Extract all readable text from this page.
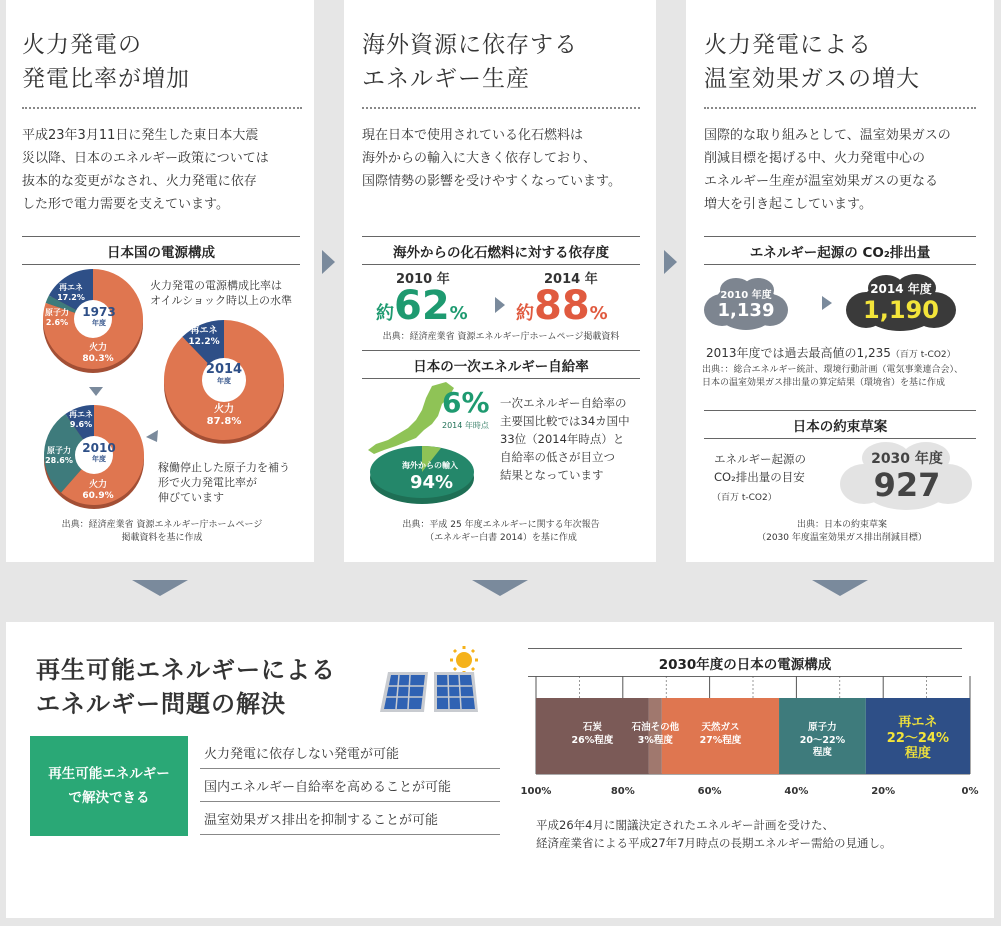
火力発電の
発電比率が増加
平成23年3月11日に発生した東日本大震
災以降、日本のエネルギー政策については
抜本的な変更がなされ、火力発電に依存
した形で電力需要を支えています。
日本国の電源構成
1973
年度
再エネ
17.2%
原子力
2.6%
火力
80.3%
2010
年度
再エネ
9.6%
原子力
28.6%
火力
60.9%
2014
年度
再エネ
12.2%
火力
87.8%
火力発電の電源構成比率は
オイルショック時以上の水準
稼働停止した原子力を補う
形で火力発電比率が
伸びています
出典：経済産業省 資源エネルギー庁ホームページ
掲載資料を基に作成
海外資源に依存する
エネルギー生産
現在日本で使用されている化石燃料は
海外からの輸入に大きく依存しており、
国際情勢の影響を受けやすくなっています。
海外からの化石燃料に対する依存度
2010 年	2014 年
約62%	約88%
出典：経済産業省 資源エネルギー庁ホームページ掲載資料
日本の一次エネルギー自給率
6%
2014 年時点
海外からの輸入
94%
一次エネルギー自給率の
主要国比較では34カ国中
33位（2014年時点）と
自給率の低さが目立つ
結果となっています
出典：平成 25 年度エネルギーに関する年次報告
（エネルギー白書 2014）を基に作成
火力発電による
温室効果ガスの増大
国際的な取り組みとして、温室効果ガスの
削減目標を掲げる中、火力発電中心の
エネルギー生産が温室効果ガスの更なる
増大を引き起こしています。
エネルギー起源の CO₂排出量
2010 年度
1,139
2014 年度
1,190
2013年度では過去最高値の1,235（百万 t-CO2）
出典：：総合エネルギー統計、環境行動計画（電気事業連合会）、
日本の温室効果ガス排出量の算定結果（環境省）を基に作成
日本の約束草案
エネルギー起源の
CO₂排出量の目安
（百万 t-CO2）
2030 年度
927
出典：日本の約束草案
（2030 年度温室効果ガス排出削減目標）
再生可能エネルギーによる
エネルギー問題の解決
再生可能エネルギー
で解決できる
火力発電に依存しない発電が可能
国内エネルギー自給率を高めることが可能
温室効果ガス排出を抑制することが可能
2030年度の日本の電源構成
石炭
26%程度
石油その他
3%程度
天然ガス
27%程度
原子力
20～22%
程度
再エネ
22～24%
程度
100%	80%	60%	40%	20%	0%
平成26年4月に閣議決定されたエネルギー計画を受けた、
経済産業省による平成27年7月時点の長期エネルギー需給の見通し。
